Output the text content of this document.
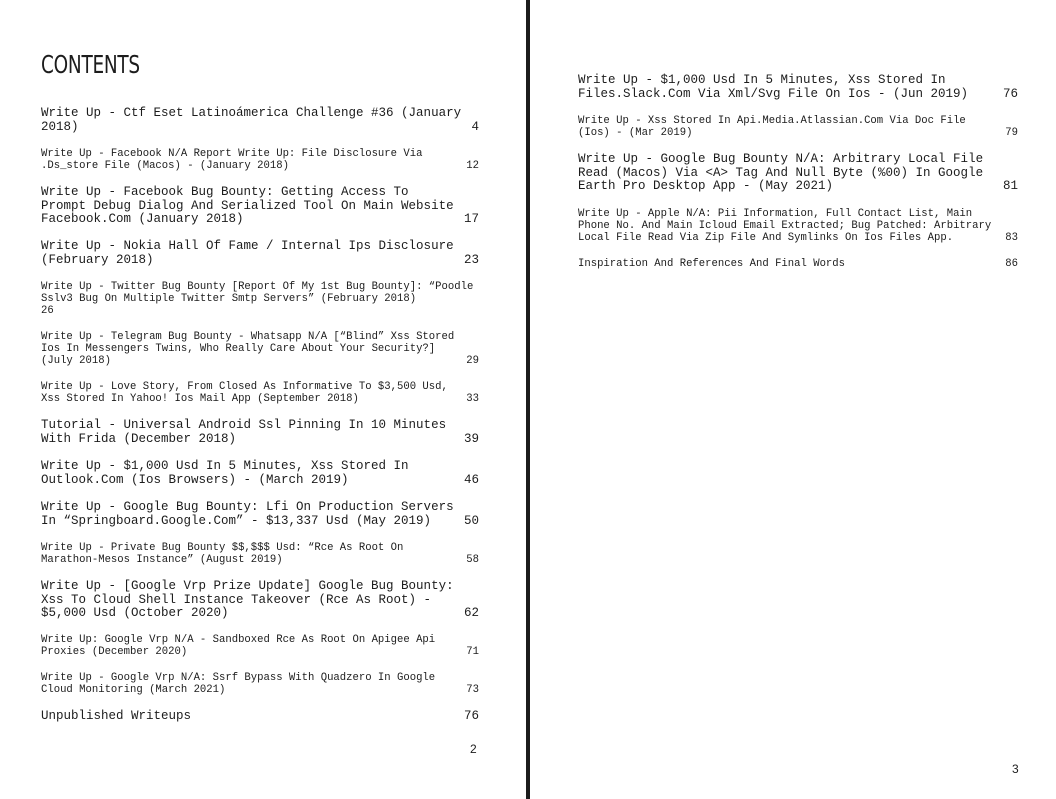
CONTENTS
4
Write Up - Ctf Eset Latinoámerica Challenge #36 (January 2018)
12
Write Up - Facebook N/A Report Write Up: File Disclosure Via .Ds_store File (Macos) - (January 2018)
17
Write Up - Facebook Bug Bounty: Getting Access To Prompt Debug Dialog And Serialized Tool On Main Website Facebook.Com (January 2018)
23
Write Up - Nokia Hall Of Fame / Internal Ips Disclosure (February 2018)
Write Up - Twitter Bug Bounty [Report Of My 1st Bug Bounty]: “Poodle Sslv3 Bug On Multiple Twitter Smtp Servers” (February 2018)
26
29
Write Up - Telegram Bug Bounty - Whatsapp N/A [“Blind” Xss Stored Ios In Messengers Twins, Who Really Care About Your Security?] (July 2018)
33
Write Up - Love Story, From Closed As Informative To $3,500 Usd, Xss Stored In Yahoo! Ios Mail App (September 2018)
39
Tutorial - Universal Android Ssl Pinning In 10 Minutes With Frida (December 2018)
46
Write Up - $1,000 Usd In 5 Minutes, Xss Stored In Outlook.Com (Ios Browsers) - (March 2019)
50
Write Up - Google Bug Bounty: Lfi On Production Servers In “Springboard.Google.Com” - $13,337 Usd (May 2019)
58
Write Up - Private Bug Bounty $$,$$$ Usd: “Rce As Root On Marathon-Mesos Instance” (August 2019)
62
Write Up - [Google Vrp Prize Update] Google Bug Bounty: Xss To Cloud Shell Instance Takeover (Rce As Root) - $5,000 Usd (October 2020)
71
Write Up: Google Vrp N/A - Sandboxed Rce As Root On Apigee Api Proxies (December 2020)
73
Write Up - Google Vrp N/A: Ssrf Bypass With Quadzero In Google Cloud Monitoring (March 2021)
76
Unpublished Writeups
2
76
Write Up - $1,000 Usd In 5 Minutes, Xss Stored In Files.Slack.Com Via Xml/Svg File On Ios - (Jun 2019)
79
Write Up - Xss Stored In Api.Media.Atlassian.Com Via Doc File (Ios) - (Mar 2019)
81
Write Up - Google Bug Bounty N/A: Arbitrary Local File Read (Macos) Via <A> Tag And Null Byte (%00) In Google Earth Pro Desktop App - (May 2021)
83
Write Up - Apple N/A: Pii Information, Full Contact List, Main Phone No. And Main Icloud Email Extracted; Bug Patched: Arbitrary Local File Read Via Zip File And Symlinks On Ios Files App.
86
Inspiration And References And Final Words
3
